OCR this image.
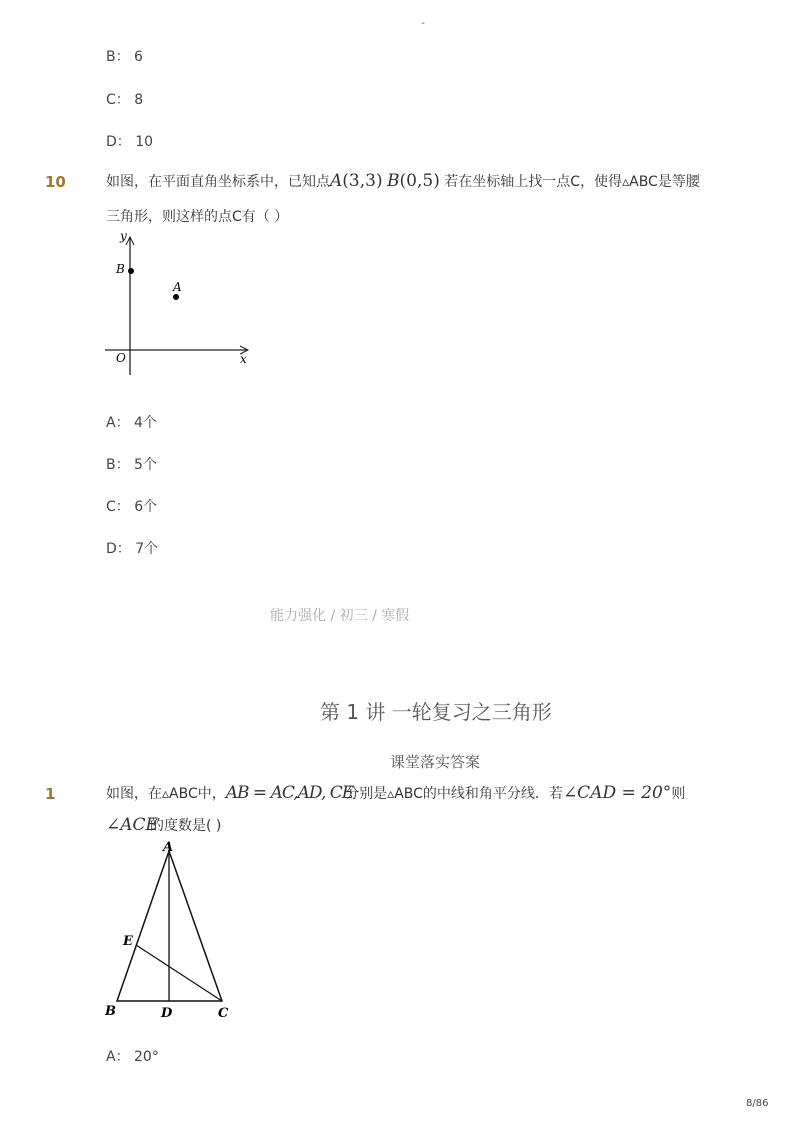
-
B： 6
C： 8
D： 10
10	如图，在平面直角坐标系中，已知点A(3,3) B(0,5) 若在坐标轴上找一点C，使得▵ABC是等腰
三角形，则这样的点C有（ ）
y
x
O
B
A
A： 4个
B： 5个
C： 6个
D： 7个
能力强化 / 初三 / 寒假
第 1 讲 一轮复习之三角形
课堂落实答案
1	如图，在▵ABC中，AB = AC,AD, CE分别是▵ABC的中线和角平分线．若∠CAD = 20°则
∠ACE的度数是( )
A
B	C
D
E
A： 20°
8/86
